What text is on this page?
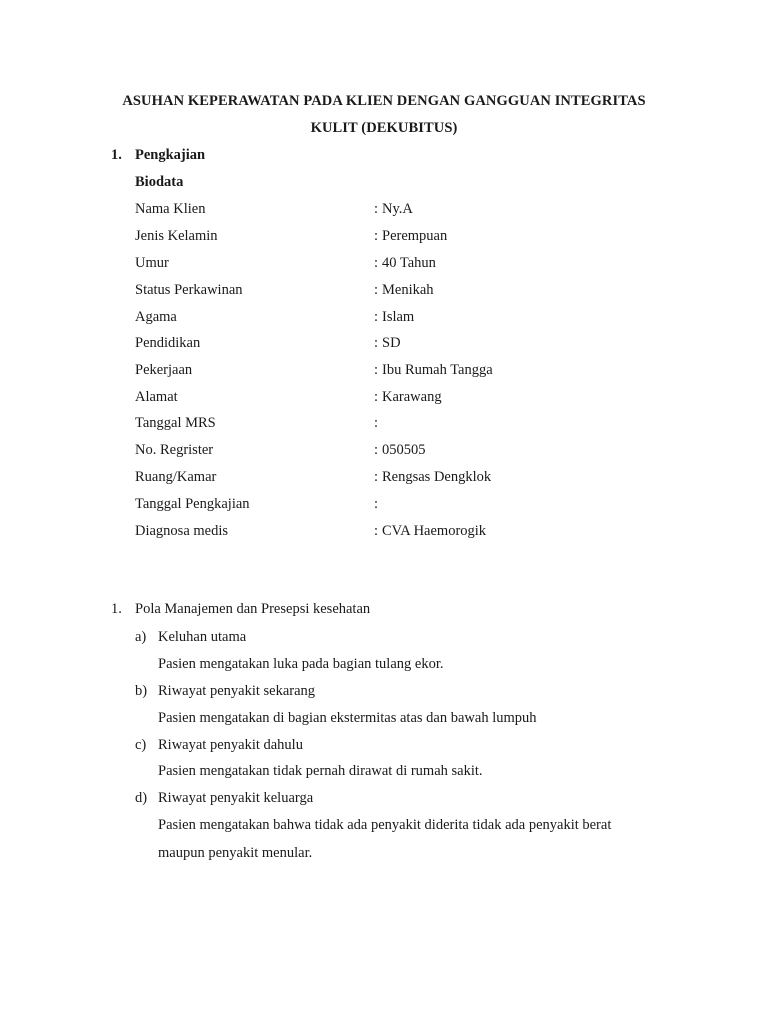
ASUHAN KEPERAWATAN PADA KLIEN DENGAN GANGGUAN INTEGRITAS
KULIT (DEKUBITUS)
1. Pengkajian
Biodata
Nama Klien	: Ny.A
Jenis Kelamin	: Perempuan
Umur	: 40 Tahun
Status Perkawinan	: Menikah
Agama	: Islam
Pendidikan	: SD
Pekerjaan	: Ibu Rumah Tangga
Alamat	: Karawang
Tanggal MRS	:
No. Regrister	: 050505
Ruang/Kamar	: Rengsas Dengklok
Tanggal Pengkajian	:
Diagnosa medis	: CVA Haemorogik
1. Pola Manajemen dan Presepsi kesehatan
a) Keluhan utama
Pasien mengatakan luka pada bagian tulang ekor.
b) Riwayat penyakit sekarang
Pasien mengatakan di bagian ekstermitas atas dan bawah lumpuh
c) Riwayat penyakit dahulu
Pasien mengatakan tidak pernah dirawat di rumah sakit.
d) Riwayat penyakit keluarga
Pasien mengatakan bahwa tidak ada penyakit diderita tidak ada penyakit berat
maupun penyakit menular.
